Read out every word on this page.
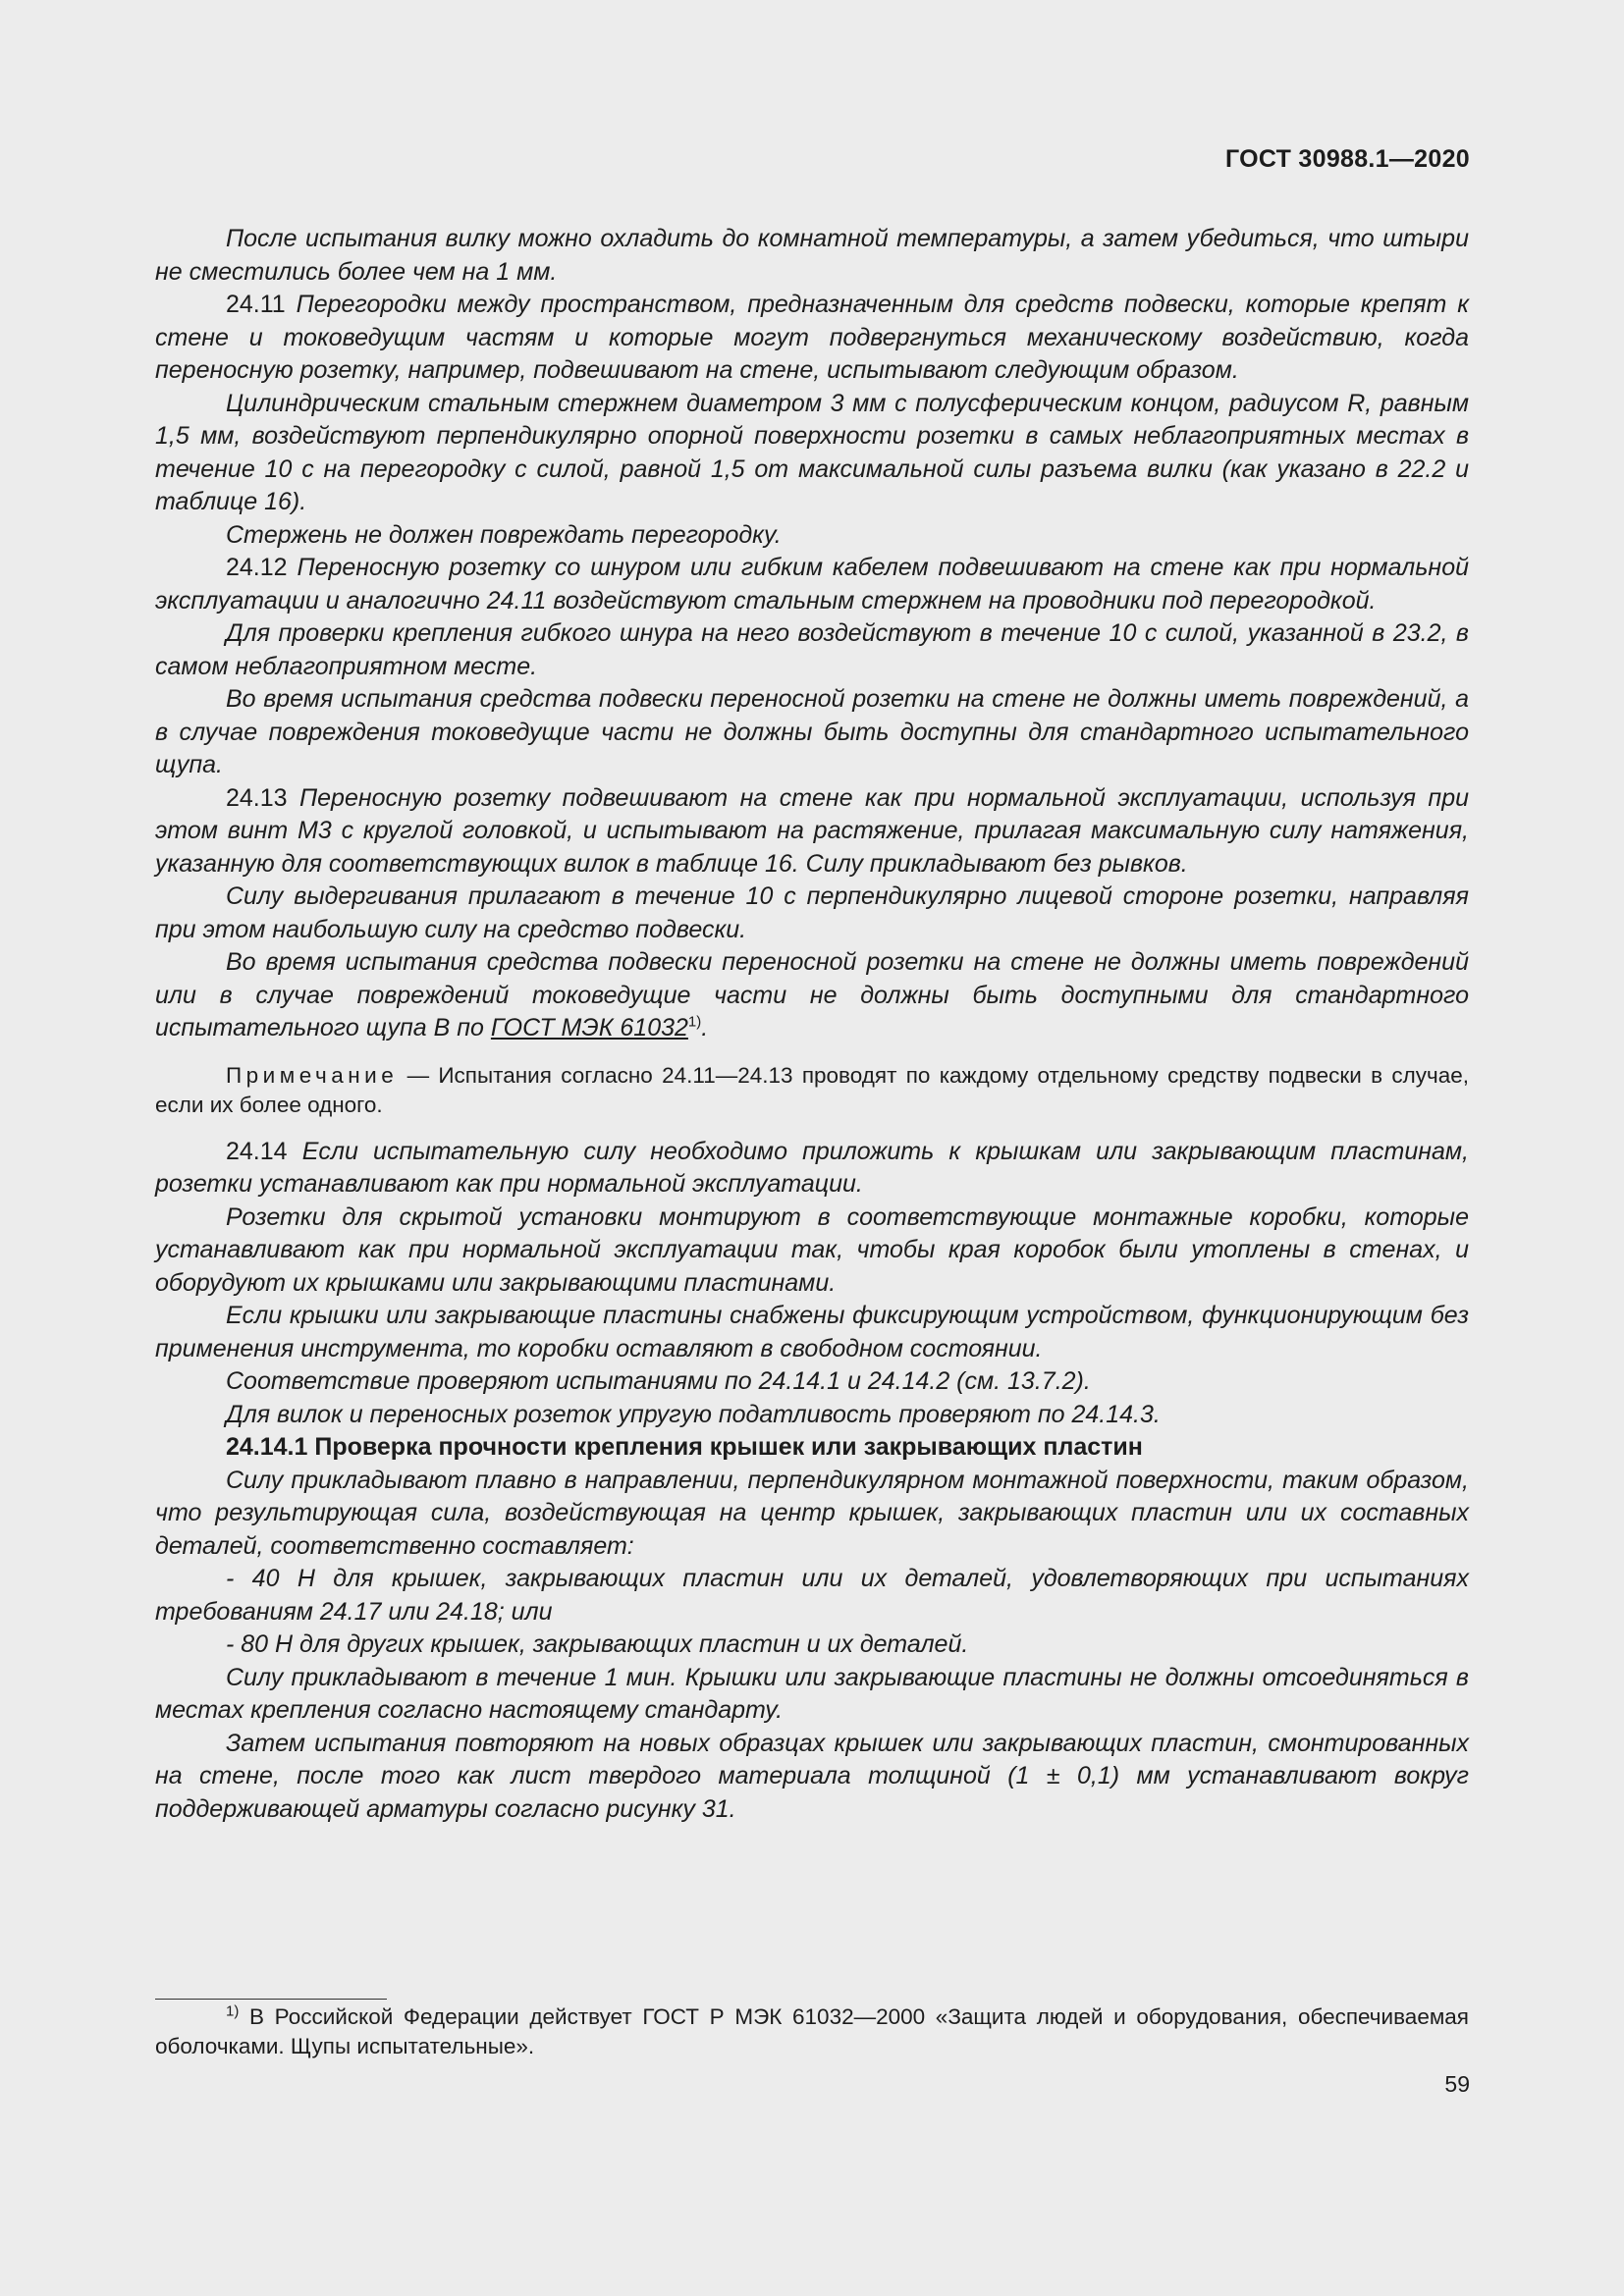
ГОСТ 30988.1—2020

После испытания вилку можно охладить до комнатной температуры, а затем убедиться, что штыри не сместились более чем на 1 мм.

24.11 Перегородки между пространством, предназначенным для средств подвески, которые крепят к стене и токоведущим частям и которые могут подвергнуться механическому воздействию, когда переносную розетку, например, подвешивают на стене, испытывают следующим образом.

Цилиндрическим стальным стержнем диаметром 3 мм с полусферическим концом, радиусом R, равным 1,5 мм, воздействуют перпендикулярно опорной поверхности розетки в самых неблагоприятных местах в течение 10 с на перегородку с силой, равной 1,5 от максимальной силы разъема вилки (как указано в 22.2 и таблице 16).

Стержень не должен повреждать перегородку.

24.12 Переносную розетку со шнуром или гибким кабелем подвешивают на стене как при нормальной эксплуатации и аналогично 24.11 воздействуют стальным стержнем на проводники под перегородкой.

Для проверки крепления гибкого шнура на него воздействуют в течение 10 с силой, указанной в 23.2, в самом неблагоприятном месте.

Во время испытания средства подвески переносной розетки на стене не должны иметь повреждений, а в случае повреждения токоведущие части не должны быть доступны для стандартного испытательного щупа.

24.13 Переносную розетку подвешивают на стене как при нормальной эксплуатации, используя при этом винт M3 с круглой головкой, и испытывают на растяжение, прилагая максимальную силу натяжения, указанную для соответствующих вилок в таблице 16. Силу прикладывают без рывков.

Силу выдергивания прилагают в течение 10 с перпендикулярно лицевой стороне розетки, направляя при этом наибольшую силу на средство подвески.

Во время испытания средства подвески переносной розетки на стене не должны иметь повреждений или в случае повреждений токоведущие части не должны быть доступными для стандартного испытательного щупа B по ГОСТ МЭК 61032$^{1)}$.

Примечание — Испытания согласно 24.11—24.13 проводят по каждому отдельному средству подвески в случае, если их более одного.

24.14 Если испытательную силу необходимо приложить к крышкам или закрывающим пластинам, розетки устанавливают как при нормальной эксплуатации.

Розетки для скрытой установки монтируют в соответствующие монтажные коробки, которые устанавливают как при нормальной эксплуатации так, чтобы края коробок были утоплены в стенах, и оборудуют их крышками или закрывающими пластинами.

Если крышки или закрывающие пластины снабжены фиксирующим устройством, функционирующим без применения инструмента, то коробки оставляют в свободном состоянии.

Соответствие проверяют испытаниями по 24.14.1 и 24.14.2 (см. 13.7.2).

Для вилок и переносных розеток упругую податливость проверяют по 24.14.3.

24.14.1 Проверка прочности крепления крышек или закрывающих пластин

Силу прикладывают плавно в направлении, перпендикулярном монтажной поверхности, таким образом, что результирующая сила, воздействующая на центр крышек, закрывающих пластин или их составных деталей, соответственно составляет:

- 40 Н для крышек, закрывающих пластин или их деталей, удовлетворяющих при испытаниях требованиям 24.17 или 24.18; или

- 80 Н для других крышек, закрывающих пластин и их деталей.

Силу прикладывают в течение 1 мин. Крышки или закрывающие пластины не должны отсоединяться в местах крепления согласно настоящему стандарту.

Затем испытания повторяют на новых образцах крышек или закрывающих пластин, смонтированных на стене, после того как лист твердого материала толщиной (1 ± 0,1) мм устанавливают вокруг поддерживающей арматуры согласно рисунку 31.

$^{1)}$ В Российской Федерации действует ГОСТ Р МЭК 61032—2000 «Защита людей и оборудования, обеспечиваемая оболочками. Щупы испытательные».

59
